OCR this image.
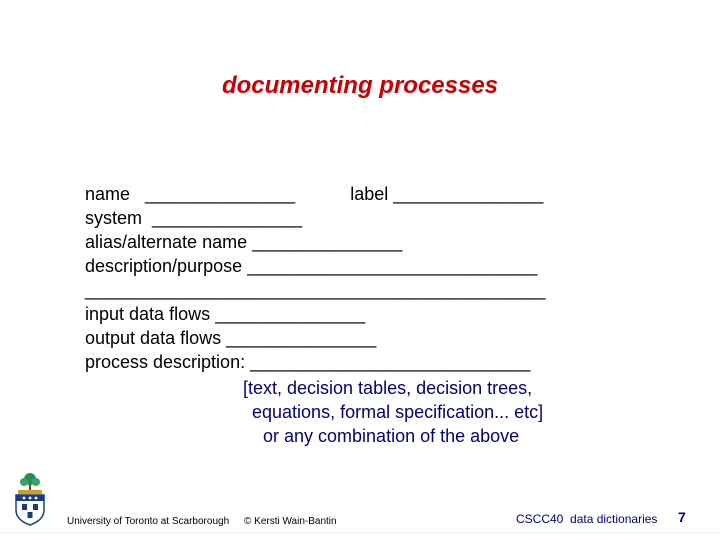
documenting processes
name   _______________           label _______________
system  _______________
alias/alternate name _______________
description/purpose _____________________________
______________________________________________
input data flows _______________
output data flows _______________
process description: ____________________________
[text, decision tables, decision trees,
equations, formal specification... etc]
or any combination of the above
University of Toronto at Scarborough © Kersti Wain-Bantin	CSCC40  data dictionaries 7
